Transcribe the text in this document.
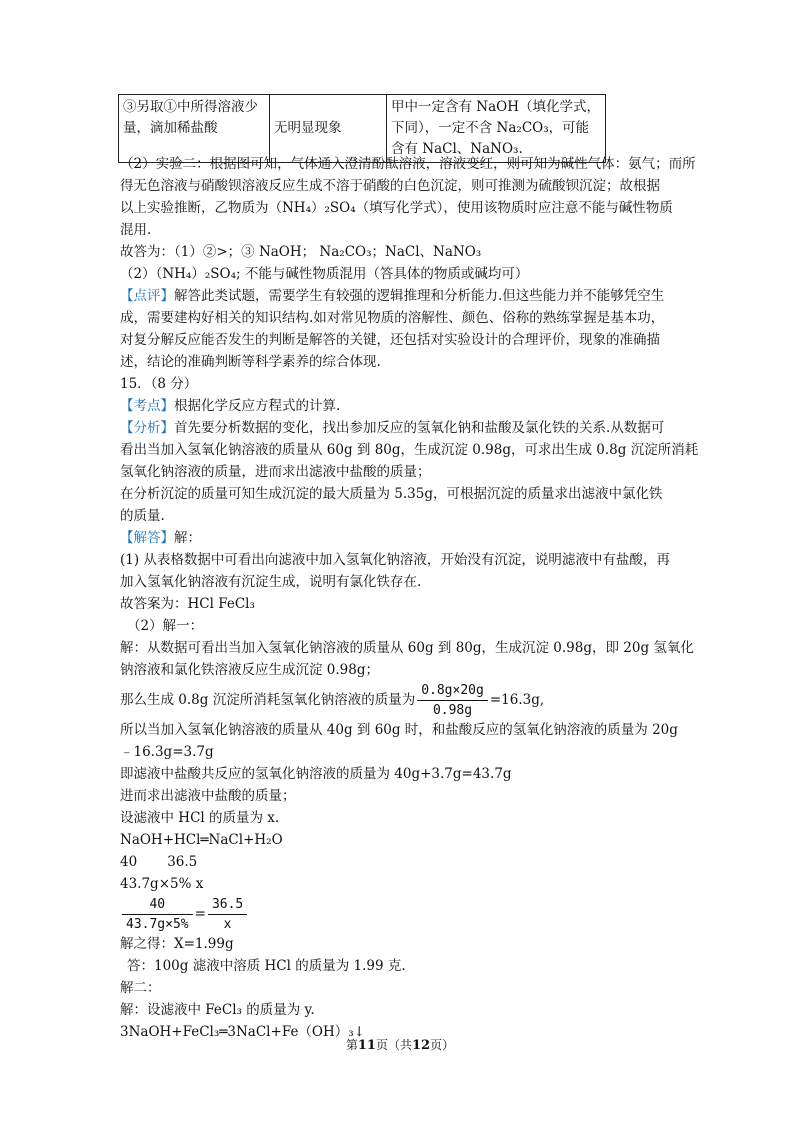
③另取①中所得溶液少量，滴加稀盐酸	无明显现象	甲中一定含有 NaOH（填化学式，下同），一定不含 Na₂CO₃，可能含有 NaCl、NaNO₃.

（2）实验二：根据图可知，气体通入澄清酚酞溶液，溶液变红，则可知为碱性气体：氨气；而所

得无色溶液与硝酸钡溶液反应生成不溶于硝酸的白色沉淀，则可推测为硫酸钡沉淀；故根据

以上实验推断，乙物质为（NH₄）₂SO₄（填写化学式），使用该物质时应注意不能与碱性物质

混用.

故答为：（1）②>；③ NaOH； Na₂CO₃；NaCl、NaNO₃

（2）（NH₄）₂SO₄; 不能与碱性物质混用（答具体的物质或碱均可）

【点评】解答此类试题，需要学生有较强的逻辑推理和分析能力.但这些能力并不能够凭空生

成，需要建构好相关的知识结构.如对常见物质的溶解性、颜色、俗称的熟练掌握是基本功，

对复分解反应能否发生的判断是解答的关键，还包括对实验设计的合理评价，现象的准确描

述，结论的准确判断等科学素养的综合体现.

15．（8 分）

【考点】根据化学反应方程式的计算.

【分析】首先要分析数据的变化，找出参加反应的氢氧化钠和盐酸及氯化铁的关系.从数据可

看出当加入氢氧化钠溶液的质量从 60g 到 80g，生成沉淀 0.98g，可求出生成 0.8g 沉淀所消耗

氢氧化钠溶液的质量，进而求出滤液中盐酸的质量；

在分析沉淀的质量可知生成沉淀的最大质量为 5.35g，可根据沉淀的质量求出滤液中氯化铁

的质量.

【解答】解：

(1) 从表格数据中可看出向滤液中加入氢氧化钠溶液，开始没有沉淀，说明滤液中有盐酸，再

加入氢氧化钠溶液有沉淀生成，说明有氯化铁存在.

故答案为：HCl FeCl₃

（2）解一：

解：从数据可看出当加入氢氧化钠溶液的质量从 60g 到 80g，生成沉淀 0.98g，即 20g 氢氧化

钠溶液和氯化铁溶液反应生成沉淀 0.98g；

那么生成 0.8g 沉淀所消耗氢氧化钠溶液的质量为 $\frac{0.8g\times 20g}{0.98g} =16.3g$,

所以当加入氢氧化钠溶液的质量从 40g 到 60g 时，和盐酸反应的氢氧化钠溶液的质量为 20g

﹣16.3g=3.7g

即滤液中盐酸共反应的氢氧化钠溶液的质量为 40g+3.7g=43.7g

进而求出滤液中盐酸的质量；

设滤液中 HCl 的质量为 x.

NaOH+HCl═NaCl+H₂O

40       36.5

43.7g×5% x

$\frac{40}{43.7g\times 5\%} = \frac{36.5}{x}$

解之得：X=1.99g

答：100g 滤液中溶质 HCl 的质量为 1.99 克.

解二：

解：设滤液中 FeCl₃ 的质量为 y.

3NaOH+FeCl₃═3NaCl+Fe（OH）₃↓

第11页（共12页）
